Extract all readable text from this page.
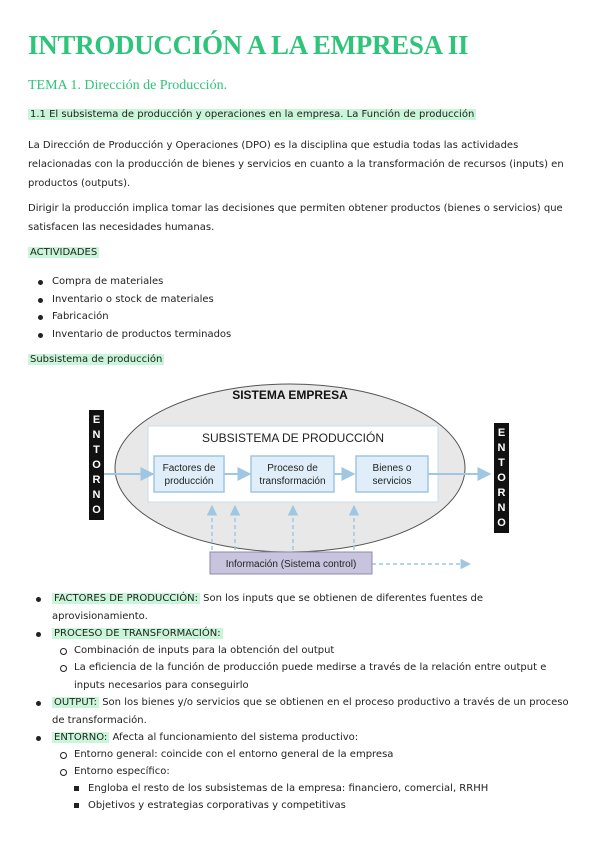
INTRODUCCIÓN A LA EMPRESA II
TEMA 1. Dirección de Producción.
1.1 El subsistema de producción y operaciones en la empresa. La Función de producción
La Dirección de Producción y Operaciones (DPO) es la disciplina que estudia todas las actividades relacionadas con la producción de bienes y servicios en cuanto a la transformación de recursos (inputs) en productos (outputs).
Dirigir la producción implica tomar las decisiones que permiten obtener productos (bienes o servicios) que satisfacen las necesidades humanas.
ACTIVIDADES
Compra de materiales
Inventario o stock de materiales
Fabricación
Inventario de productos terminados
Subsistema de producción
SISTEMA EMPRESA
SUBSISTEMA DE PRODUCCIÓN
E
N
T
O
R
N
O
E
N
T
O
R
N
O
Factores de
producción
Proceso de
transformación
Bienes o
servicios
Información (Sistema control)
FACTORES DE PRODUCCIÓN: Son los inputs que se obtienen de diferentes fuentes de aprovisionamiento.
PROCESO DE TRANSFORMACIÓN:
Combinación de inputs para la obtención del output
La eficiencia de la función de producción puede medirse a través de la relación entre output e inputs necesarios para conseguirlo
OUTPUT: Son los bienes y/o servicios que se obtienen en el proceso productivo a través de un proceso de transformación.
ENTORNO: Afecta al funcionamiento del sistema productivo:
Entorno general: coincide con el entorno general de la empresa
Entorno específico:
Engloba el resto de los subsistemas de la empresa: financiero, comercial, RRHH
Objetivos y estrategias corporativas y competitivas
